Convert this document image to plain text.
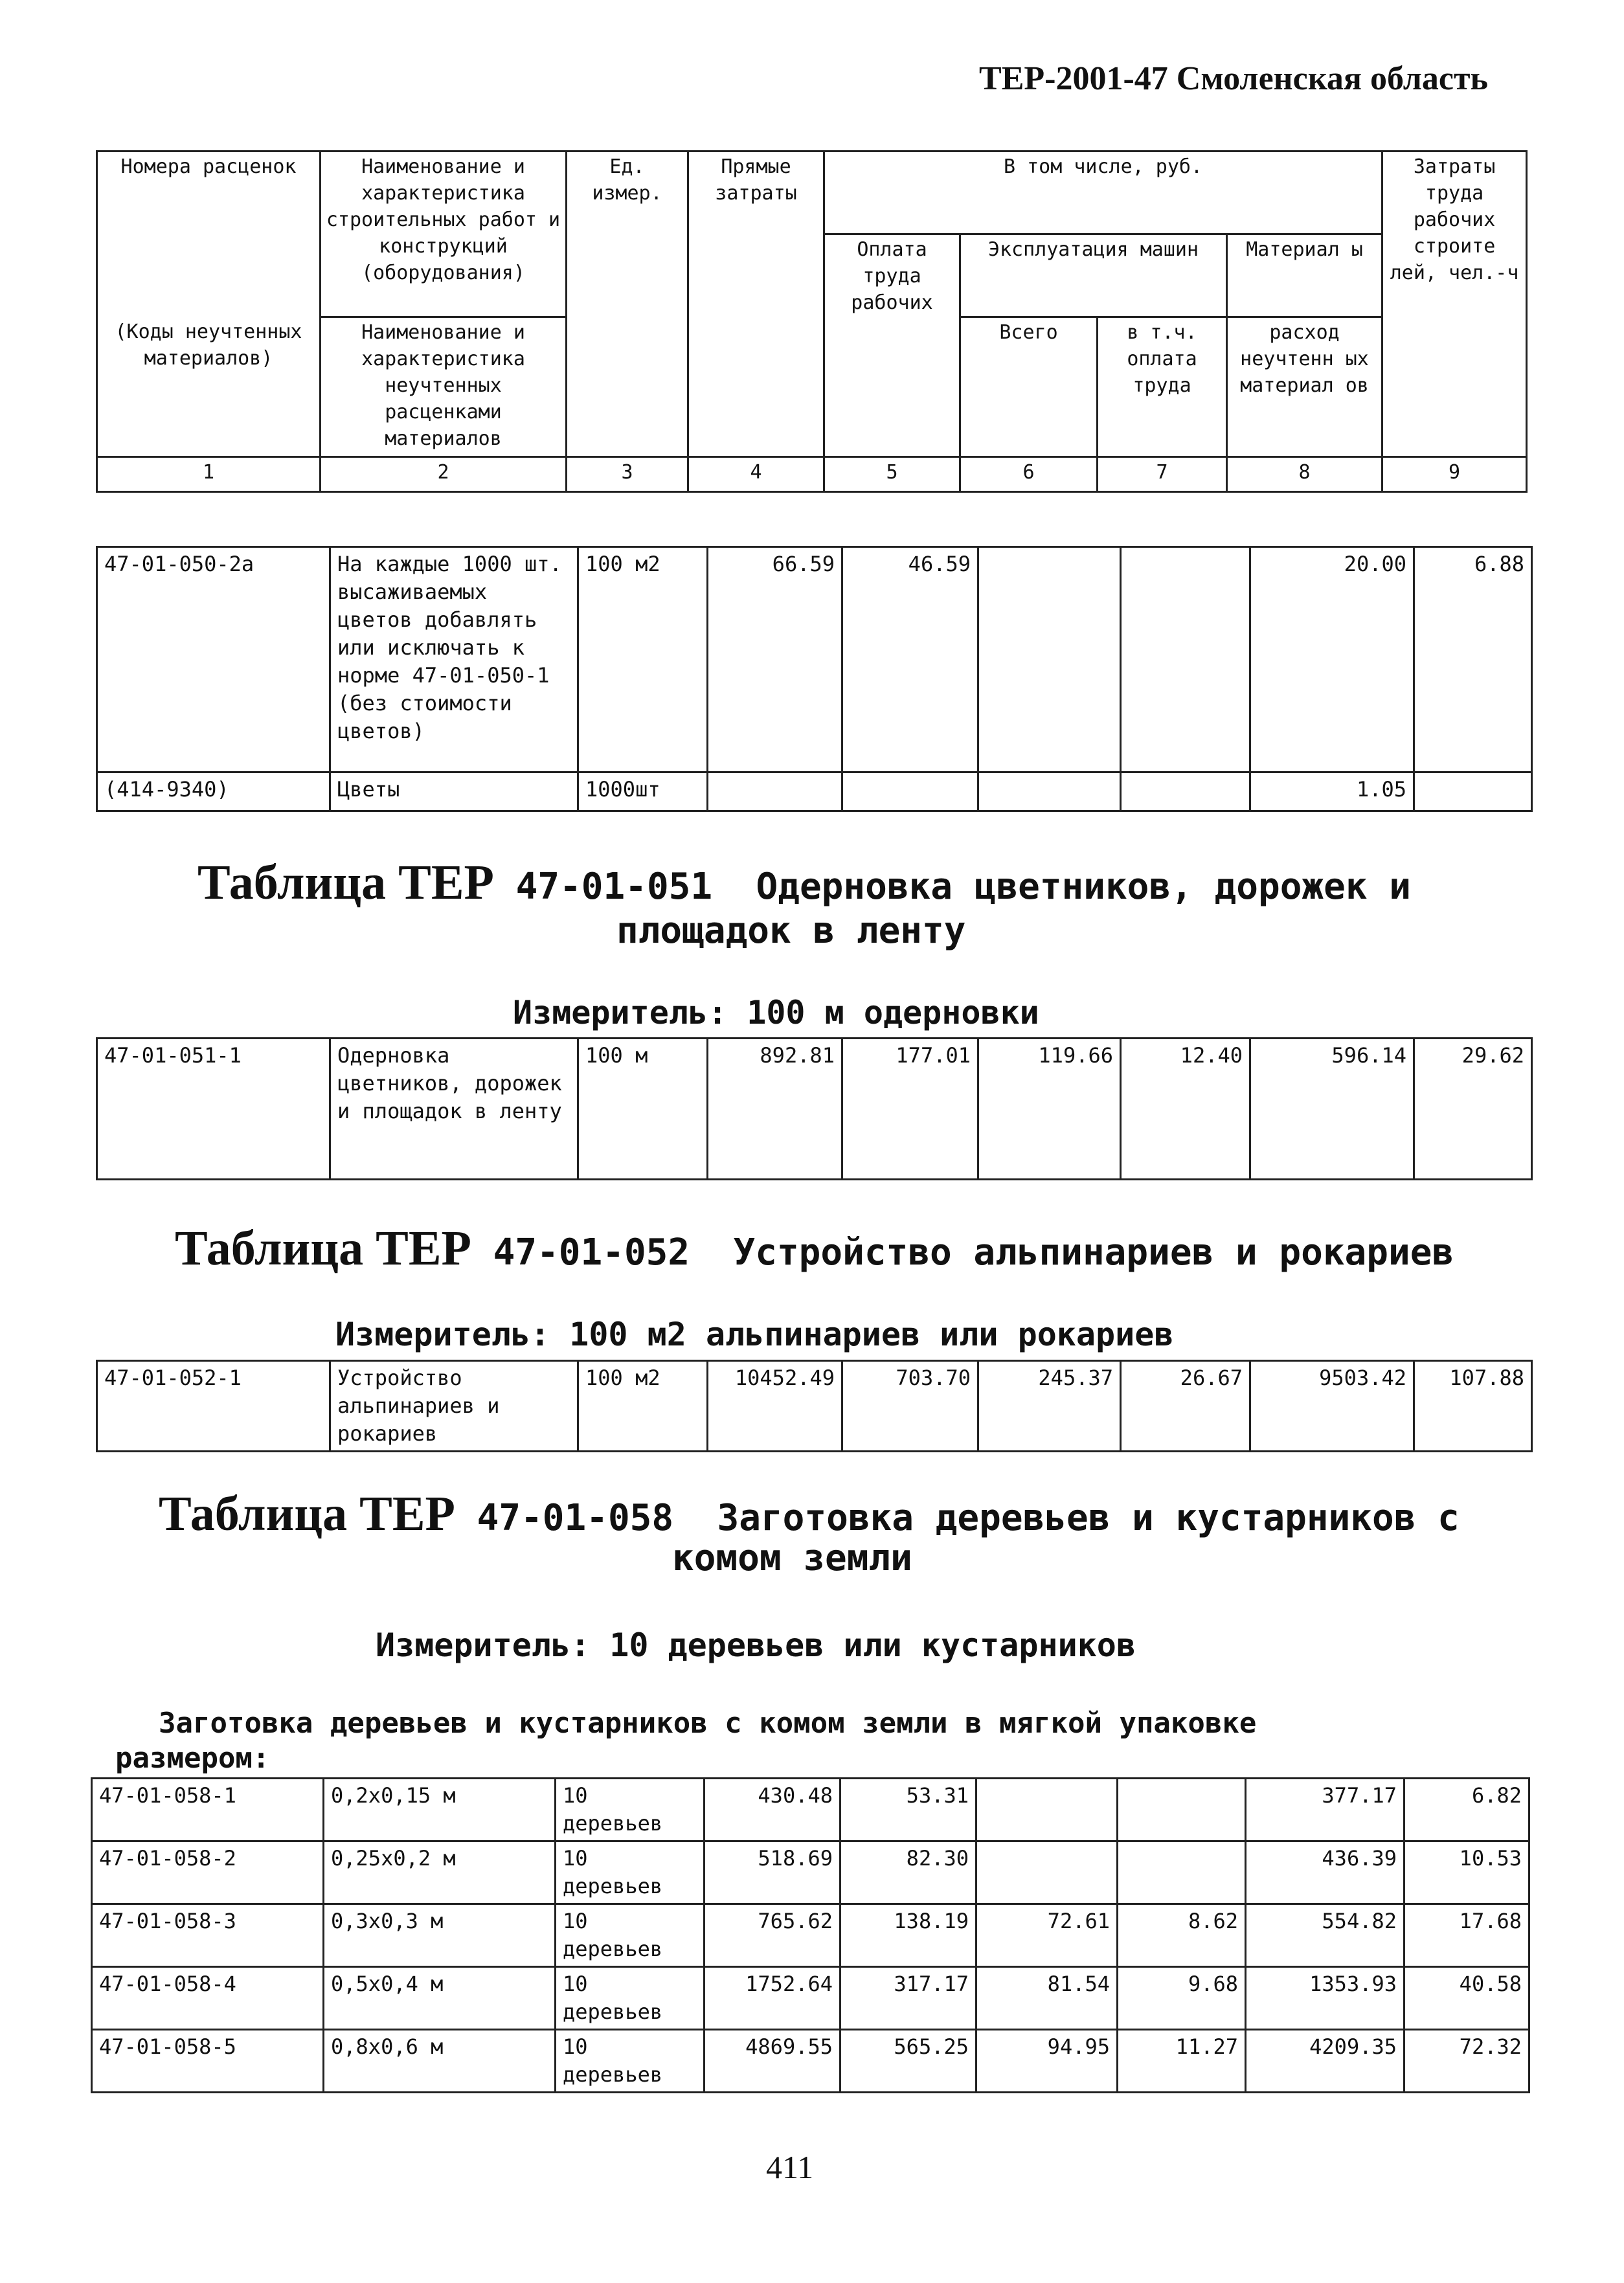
ТЕР-2001-47 Смоленская область
Номера расценок	Наименование и характеристика строительных работ и конструкций (оборудования)	Ед. измер.	Прямые затраты	В том числе, руб.				Затраты труда рабочих строите лей, чел.-ч
				Оплата труда рабочих	Эксплуатация машин		Материал ы	
(Коды неучтенных материалов)	Наименование и характеристика неучтенных расценками материалов				Всего	в т.ч. оплата труда	расход неучтенн ых материал ов	
1	2	3	4	5	6	7	8	9
47-01-050-2а	На каждые 1000 шт. высаживаемых цветов добавлять или исключать к норме 47-01-050-1 (без стоимости цветов)	100 м2	66.59	46.59			20.00	6.88
(414-9340)	Цветы	1000шт					1.05	
Таблица ТЕР 47-01-051 Одерновка цветников, дорожек и
площадок в ленту
Измеритель: 100 м одерновки
47-01-051-1	Одерновка цветников, дорожек и площадок в ленту	100 м	892.81	177.01	119.66	12.40	596.14	29.62
Таблица ТЕР 47-01-052 Устройство альпинариев и рокариев
Измеритель: 100 м2 альпинариев или рокариев
47-01-052-1	Устройство альпинариев и рокариев	100 м2	10452.49	703.70	245.37	26.67	9503.42	107.88
Таблица ТЕР 47-01-058 Заготовка деревьев и кустарников с
комом земли
Измеритель: 10 деревьев или кустарников
Заготовка деревьев и кустарников с комом земли в мягкой упаковке
размером:
47-01-058-1	0,2х0,15 м	10 деревьев	430.48	53.31			377.17	6.82
47-01-058-2	0,25х0,2 м	10 деревьев	518.69	82.30			436.39	10.53
47-01-058-3	0,3х0,3 м	10 деревьев	765.62	138.19	72.61	8.62	554.82	17.68
47-01-058-4	0,5х0,4 м	10 деревьев	1752.64	317.17	81.54	9.68	1353.93	40.58
47-01-058-5	0,8х0,6 м	10 деревьев	4869.55	565.25	94.95	11.27	4209.35	72.32
411
